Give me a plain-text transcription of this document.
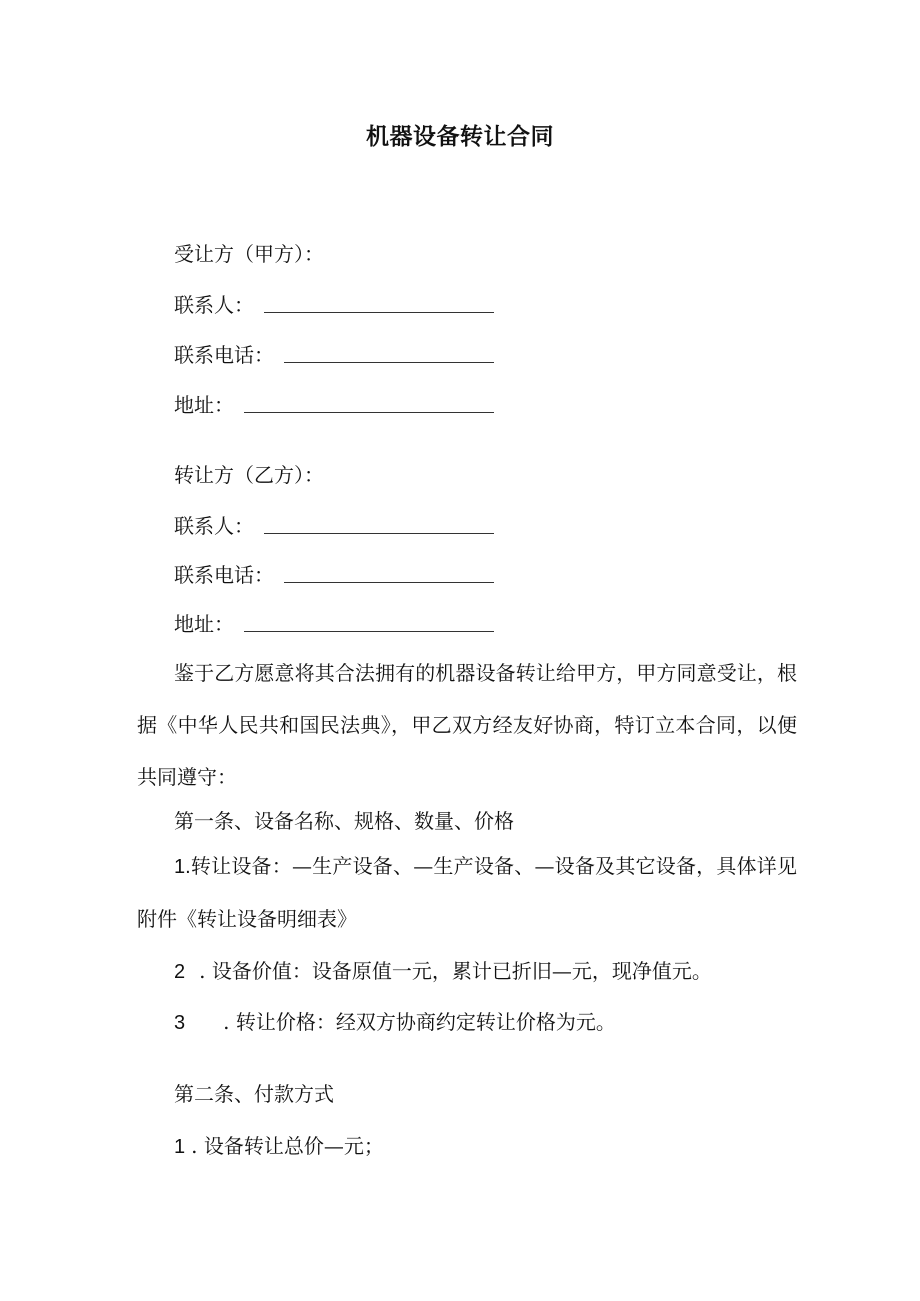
机器设备转让合同
受让方（甲方）：
联系人：
联系电话：
地址：
转让方（乙方）：
联系人：
联系电话：
地址：
鉴于乙方愿意将其合法拥有的机器设备转让给甲方，甲方同意受让，根据《中华人民共和国民法典》，甲乙双方经友好协商，特订立本合同，以便共同遵守：
第一条、设备名称、规格、数量、价格
1.转让设备：—生产设备、—生产设备、—设备及其它设备，具体详见附件《转让设备明细表》
2 . 设备价值：设备原值一元，累计已折旧—元，现净值元。
3 . 转让价格：经双方协商约定转让价格为元。
第二条、付款方式
1 . 设备转让总价—元；
